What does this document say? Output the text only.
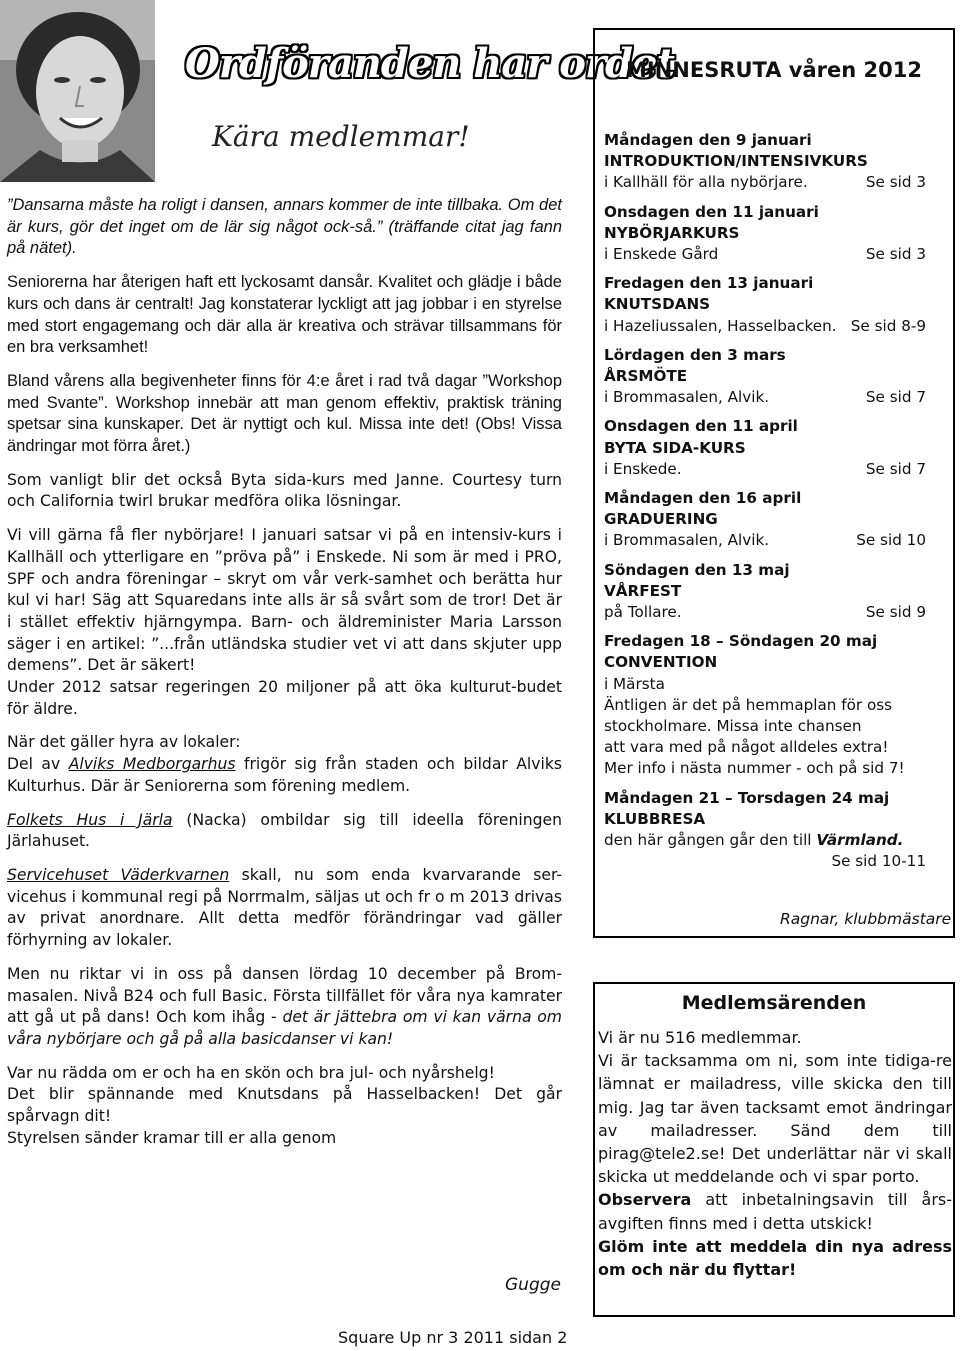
Ordföranden har ordet
Kära medlemmar!

”Dansarna måste ha roligt i dansen, annars kommer de inte tillbaka. Om det är kurs, gör det inget om de lär sig något ock-så.” (träffande citat jag fann på nätet).

Seniorerna har återigen haft ett lyckosamt dansår. Kvalitet och glädje i både kurs och dans är centralt! Jag konstaterar lyckligt att jag jobbar i en styrelse med stort engagemang och där alla är kreativa och strävar tillsammans för en bra verksamhet!

Bland vårens alla begivenheter finns för 4:e året i rad två dagar ”Workshop med Svante”. Workshop innebär att man genom effektiv, praktisk träning spetsar sina kunskaper. Det är nyttigt och kul. Missa inte det! (Obs! Vissa ändringar mot förra året.)

Som vanligt blir det också Byta sida-kurs med Janne. Courtesy turn och California twirl brukar medföra olika lösningar.

Vi vill gärna få fler nybörjare! I januari satsar vi på en intensiv-kurs i Kallhäll och ytterligare en ”pröva på” i Enskede. Ni som är med i PRO, SPF och andra föreningar – skryt om vår verk-samhet och berätta hur kul vi har! Säg att Squaredans inte alls är så svårt som de tror! Det är i stället effektiv hjärngympa. Barn- och äldreminister Maria Larsson säger i en artikel: ”...från utländska studier vet vi att dans skjuter upp demens”. Det är säkert!

Under 2012 satsar regeringen 20 miljoner på att öka kulturut-budet för äldre.

När det gäller hyra av lokaler:
Del av Alviks Medborgarhus frigör sig från staden och bildar Alviks Kulturhus. Där är Seniorerna som förening medlem.

Folkets Hus i Järla (Nacka) ombildar sig till ideella föreningen Järlahuset.

Servicehuset Väderkvarnen skall, nu som enda kvarvarande ser-vicehus i kommunal regi på Norrmalm, säljas ut och fr o m 2013 drivas av privat anordnare. Allt detta medför förändringar vad gäller förhyrning av lokaler.

Men nu riktar vi in oss på dansen lördag 10 december på Brom-masalen. Nivå B24 och full Basic. Första tillfället för våra nya kamrater att gå ut på dans! Och kom ihåg - det är jättebra om vi kan värna om våra nybörjare och gå på alla basicdanser vi kan!

Var nu rädda om er och ha en skön och bra jul- och nyårshelg!

Det blir spännande med Knutsdans på Hasselbacken! Det går spårvagn dit!

Styrelsen sänder kramar till er alla genom

Gugge
MINNESRUTA våren 2012
Måndagen den 9 januari
INTRODUKTION/INTENSIVKURS
i Kallhäll för alla nybörjare.	Se sid 3
Onsdagen den 11 januari
NYBÖRJARKURS
i Enskede Gård	Se sid 3
Fredagen den 13 januari
KNUTSDANS
i Hazeliussalen, Hasselbacken. Se sid 8-9
Lördagen den 3 mars
ÅRSMÖTE
i Brommasalen, Alvik.	Se sid 7
Onsdagen den 11 april
BYTA SIDA-KURS
i Enskede.	Se sid 7
Måndagen den 16 april
GRADUERING
i Brommasalen, Alvik.	Se sid 10
Söndagen den 13 maj
VÅRFEST
på Tollare.	Se sid 9
Fredagen 18 – Söndagen 20 maj
CONVENTION
i Märsta
Äntligen är det på hemmaplan för oss
stockholmare. Missa inte chansen
att vara med på något alldeles extra!
Mer info i nästa nummer - och på sid 7!
Måndagen 21 – Torsdagen 24 maj
KLUBBRESA
den här gången går den till Värmland.
Se sid 10-11
Ragnar, klubbmästare
Medlemsärenden

Vi är nu 516 medlemmar.

Vi är tacksamma om ni, som inte tidiga-re lämnat er mailadress, ville skicka den till mig. Jag tar även tacksamt emot ändringar av mailadresser. Sänd dem till pirag@tele2.se! Det underlättar när vi skall skicka ut meddelande och vi spar porto.

Observera att inbetalningsavin till års-avgiften finns med i detta utskick!

Glöm inte att meddela din nya adress om och när du flyttar!

Square Up nr 3 2011 sidan 2
